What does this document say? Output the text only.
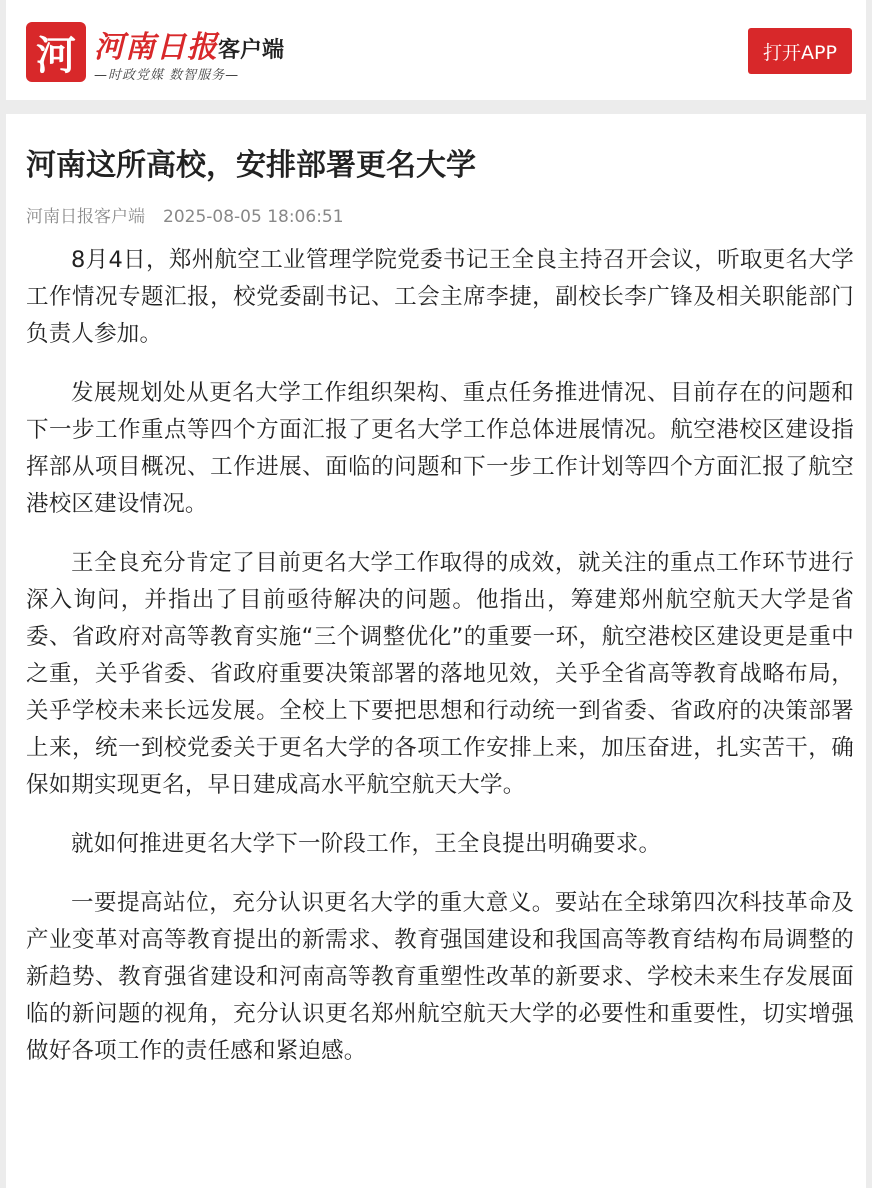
河 河南日报客户端
—时政党媒 数智服务—
打开APP
河南这所高校，安排部署更名大学
河南日报客户端 2025-08-05 18:06:51

8月4日，郑州航空工业管理学院党委书记王全良主持召开会议，听取更名大学工作情况专题汇报，校党委副书记、工会主席李捷，副校长李广锋及相关职能部门负责人参加。

发展规划处从更名大学工作组织架构、重点任务推进情况、目前存在的问题和下一步工作重点等四个方面汇报了更名大学工作总体进展情况。航空港校区建设指挥部从项目概况、工作进展、面临的问题和下一步工作计划等四个方面汇报了航空港校区建设情况。

王全良充分肯定了目前更名大学工作取得的成效，就关注的重点工作环节进行深入询问，并指出了目前亟待解决的问题。他指出，筹建郑州航空航天大学是省委、省政府对高等教育实施“三个调整优化”的重要一环，航空港校区建设更是重中之重，关乎省委、省政府重要决策部署的落地见效，关乎全省高等教育战略布局，关乎学校未来长远发展。全校上下要把思想和行动统一到省委、省政府的决策部署上来，统一到校党委关于更名大学的各项工作安排上来，加压奋进，扎实苦干，确保如期实现更名，早日建成高水平航空航天大学。

就如何推进更名大学下一阶段工作，王全良提出明确要求。

一要提高站位，充分认识更名大学的重大意义。要站在全球第四次科技革命及产业变革对高等教育提出的新需求、教育强国建设和我国高等教育结构布局调整的新趋势、教育强省建设和河南高等教育重塑性改革的新要求、学校未来生存发展面临的新问题的视角，充分认识更名郑州航空航天大学的必要性和重要性，切实增强做好各项工作的责任感和紧迫感。
